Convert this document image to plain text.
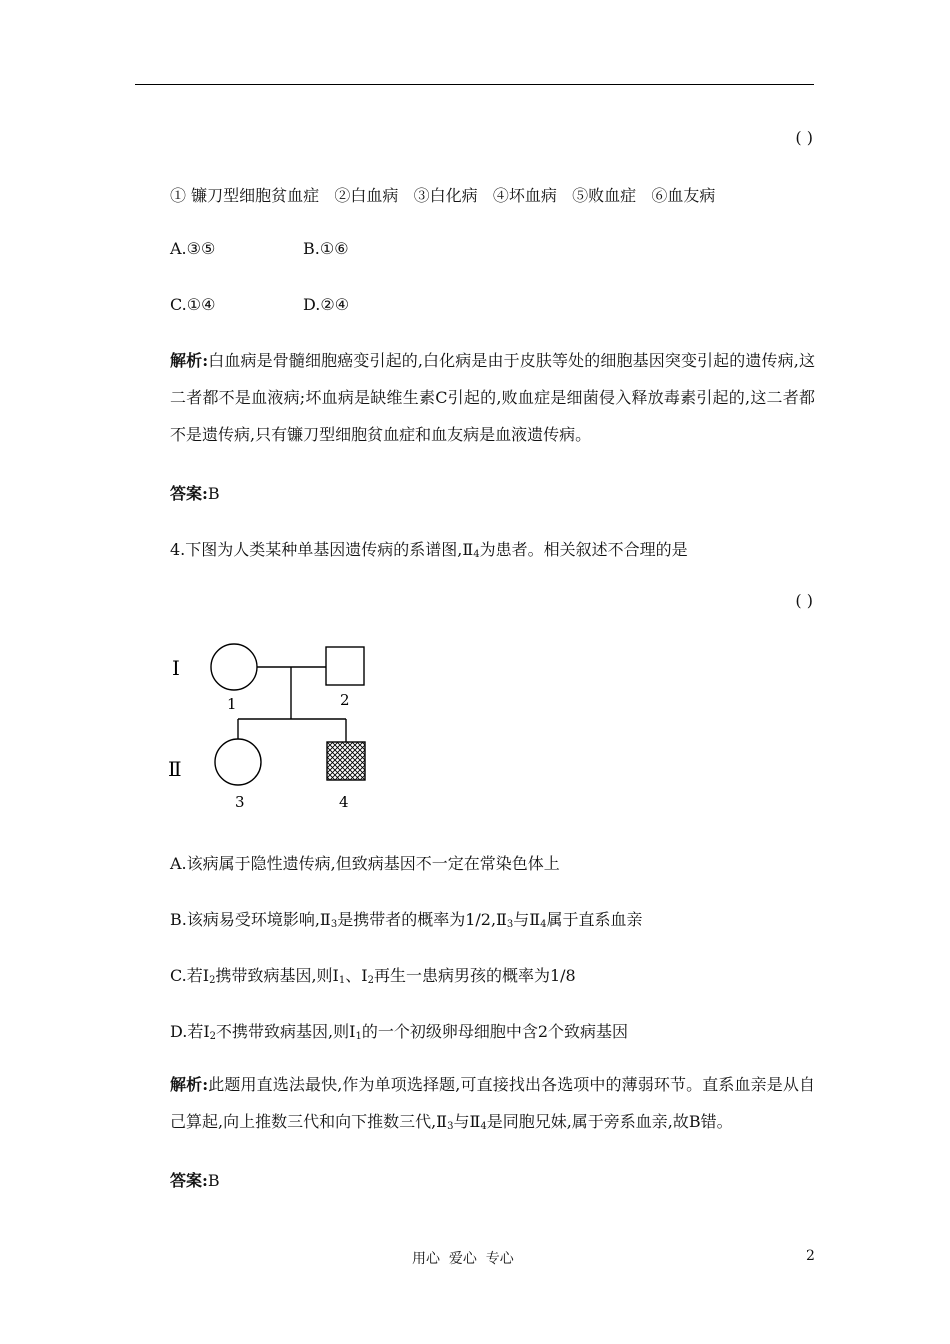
( )
① 镰刀型细胞贫血症   ②白血病   ③白化病   ④坏血病   ⑤败血症   ⑥血友病
A.③⑤	B.①⑥
C.①④	D.②④
解析:白血病是骨髓细胞癌变引起的,白化病是由于皮肤等处的细胞基因突变引起的遗传病,这二者都不是血液病;坏血病是缺维生素C引起的,败血症是细菌侵入释放毒素引起的,这二者都不是遗传病,只有镰刀型细胞贫血症和血友病是血液遗传病。
答案:B
4.下图为人类某种单基因遗传病的系谱图$,Ⅱ_4$为患者。相关叙述不合理的是
( )
Ⅰ
Ⅱ
1	2
3	4
A.该病属于隐性遗传病,但致病基因不一定在常染色体上
B.该病易受环境影响$,Ⅱ_3$是携带者的概率为$1/2,Ⅱ_3$与$Ⅱ_4$属于直系血亲
C.若$Ⅰ_2$携带致病基因,则$Ⅰ_1$、$Ⅰ_2$再生一患病男孩的概率为1/8
D.若$Ⅰ_2$不携带致病基因,则$Ⅰ_1$的一个初级卵母细胞中含2个致病基因
解析:此题用直选法最快,作为单项选择题,可直接找出各选项中的薄弱环节。直系血亲是从自己算起,向上推数三代和向下推数三代$,Ⅱ_3$与$Ⅱ_4$是同胞兄妹,属于旁系血亲,故B错。
答案:B
用心  爱心  专心	2
